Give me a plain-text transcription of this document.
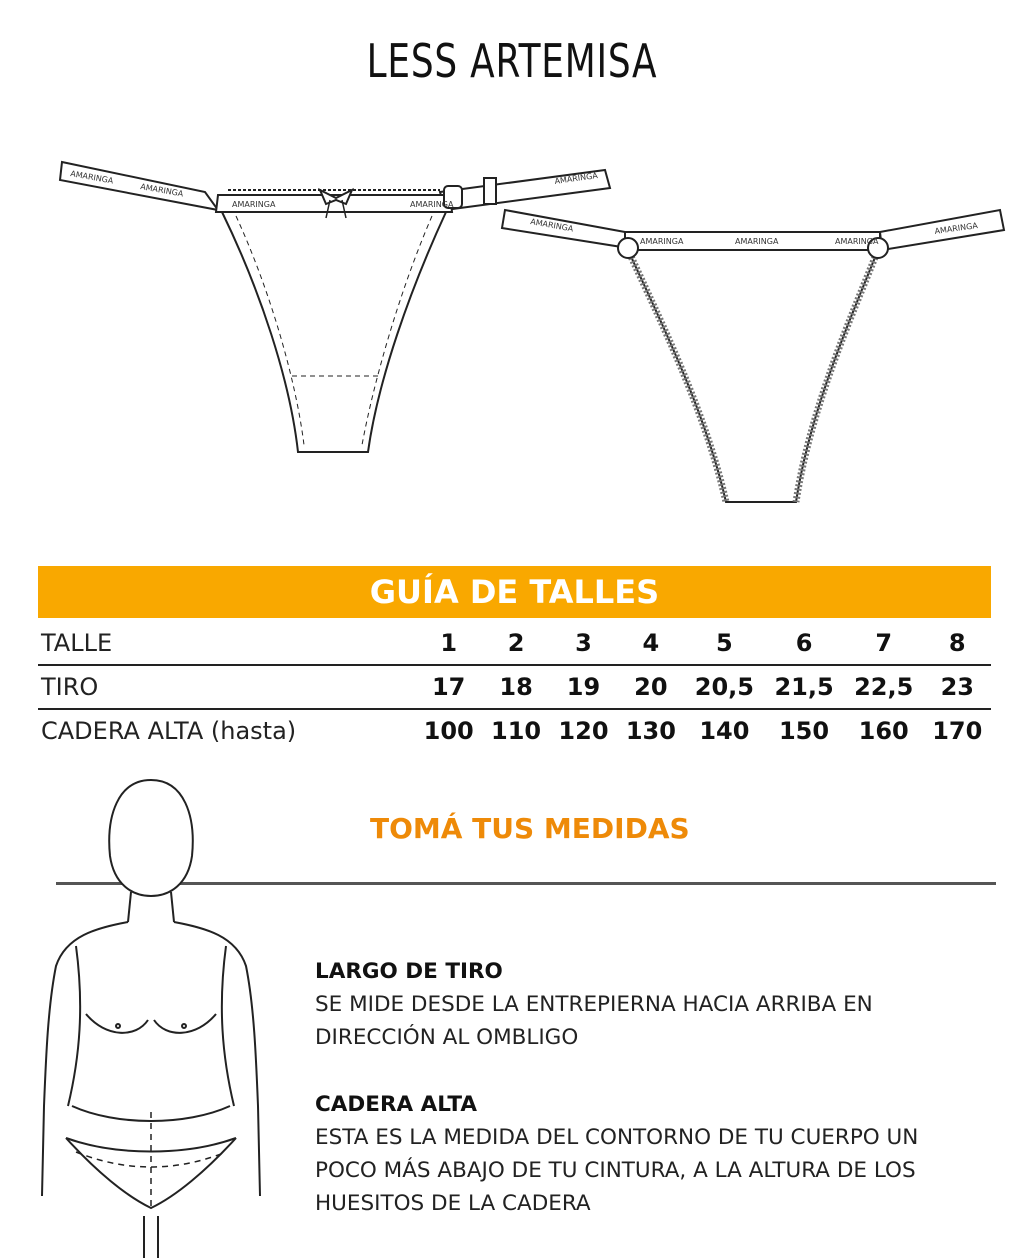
LESS ARTEMISA
AMARINGA
AMARINGA
AMARINGA	AMARINGA
AMARINGA
AMARINGA
AMARINGA	AMARINGA	AMARINGA
AMARINGA
GUÍA DE TALLES
TALLE	1	2	3	4	5	6	7	8
TIRO	17	18	19	20	20,5	21,5	22,5	23
CADERA ALTA (hasta)	100	110	120	130	140	150	160	170
TOMÁ TUS MEDIDAS
LARGO DE TIRO
SE MIDE DESDE LA ENTREPIERNA HACIA ARRIBA EN
DIRECCIÓN AL OMBLIGO
CADERA ALTA
ESTA ES LA MEDIDA DEL CONTORNO DE TU CUERPO UN
POCO MÁS ABAJO DE TU CINTURA, A LA ALTURA DE LOS
HUESITOS DE LA CADERA
